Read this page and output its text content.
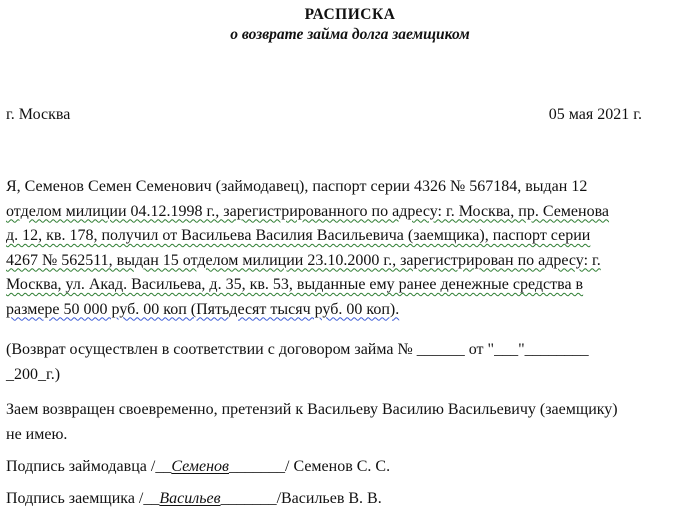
РАСПИСКА
о возврате займа долга заемщиком
г. Москва	05 мая 2021 г.

Я, Семенов Семен Семенович (займодавец), паспорт серии 4326 № 567184, выдан 12
отделом милиции 04.12.1998 г., зарегистрированного по адресу: г. Москва, пр. Семенова
д. 12, кв. 178, получил от Васильева Василия Васильевича (заемщика), паспорт серии
4267 № 562511, выдан 15 отделом милиции 23.10.2000 г., зарегистрирован по адресу: г.
Москва, ул. Акад. Васильева, д. 35, кв. 53, выданные ему ранее денежные средства в
размере 50 000 руб. 00 коп (Пятьдесят тысяч руб. 00 коп).

(Возврат осуществлен в соответствии с договором займа № ______ от "___"________
_200_г.)

Заем возвращен своевременно, претензий к Васильеву Василию Васильевичу (заемщику)
не имею.

Подпись займодавца /__Семенов_______/ Семенов С. С.
Подпись заемщика /__Васильев_______/Васильев В. В.
